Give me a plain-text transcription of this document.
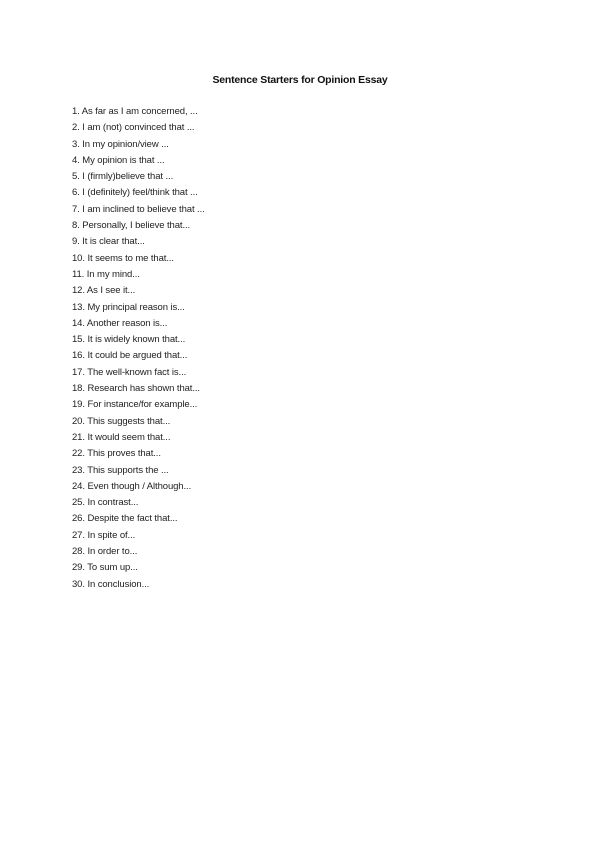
Sentence Starters for Opinion Essay
1. As far as I am concerned, ...
2. I am (not) convinced that ...
3. In my opinion/view ...
4. My opinion is that ...
5. I (firmly)believe that ...
6. I (definitely) feel/think that ...
7. I am inclined to believe that ...
8. Personally, I believe that...
9. It is clear that...
10. It seems to me that...
11. In my mind...
12. As I see it...
13. My principal reason is...
14. Another reason is...
15. It is widely known that...
16. It could be argued that...
17. The well-known fact is...
18. Research has shown that...
19. For instance/for example...
20. This suggests that...
21. It would seem that...
22. This proves that...
23. This supports the ...
24. Even though / Although...
25. In contrast...
26. Despite the fact that...
27. In spite of...
28. In order to...
29. To sum up...
30. In conclusion...
